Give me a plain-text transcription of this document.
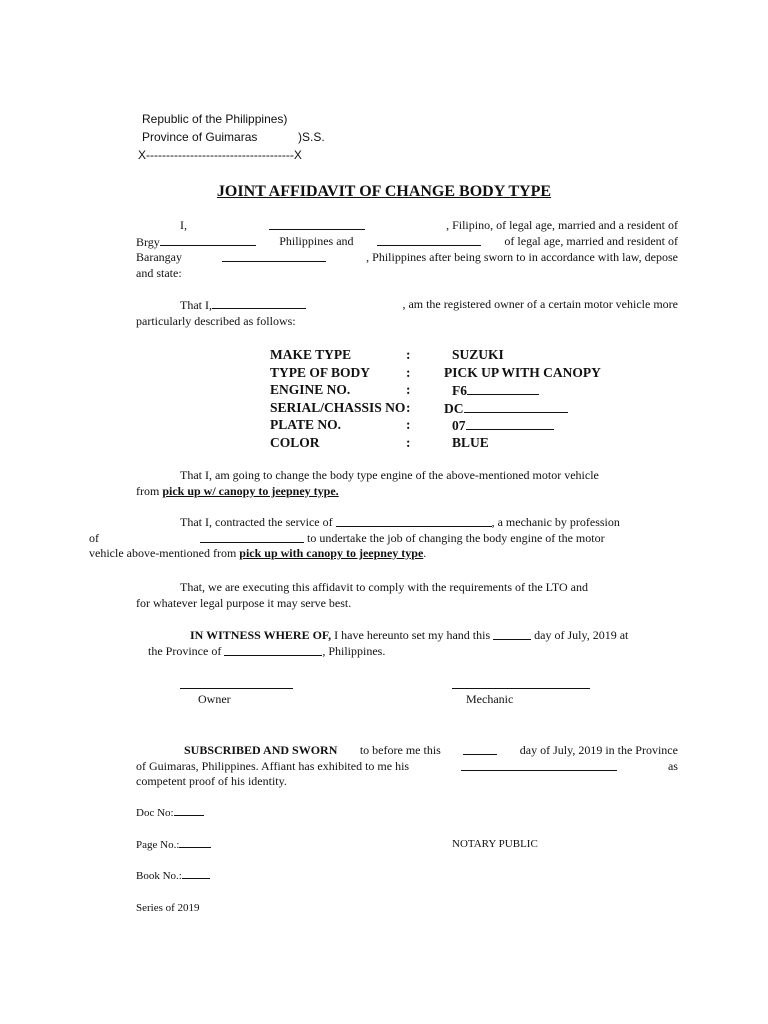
Republic of the Philippines)
Province of Guimaras	)S.S.
X-------------------------------------X
JOINT AFFIDAVIT OF CHANGE BODY TYPE
I,	, Filipino, of legal age, married and a resident of
Brgy	Philippines and	of legal age, married and resident of
Barangay	, Philippines after being sworn to in accordance with law, depose
and state:
That I,	, am the registered owner of a certain motor vehicle more
particularly described as follows:
MAKE TYPE	:	SUZUKI
TYPE OF BODY	: PICK UP WITH CANOPY
ENGINE NO.	:	F6
SERIAL/CHASSIS NO : DC
PLATE NO.	:	07
COLOR	:	BLUE
That I, am going to change the body type engine of the above-mentioned motor vehicle
from
pick up w/ canopy to jeepney type.
That I, contracted the service of
	, a mechanic by profession
of
	to undertake the job of changing the body engine of the motor
vehicle above-mentioned from
pick up with canopy to jeepney type .
That, we are executing this affidavit to comply with the requirements of the LTO and
for whatever legal purpose it may serve best.
IN WITNESS WHERE OF,
I have hereunto set my hand this

	day of July, 2019 at
the Province of
	, Philippines.
Owner	Mechanic
SUBSCRIBED AND SWORN to before me this	day of July, 2019 in the Province
of Guimaras, Philippines. Affiant has exhibited to me his	as
competent proof of his identity.
Doc No:
Page No.:
Book No.:
Series of 2019
NOTARY PUBLIC
